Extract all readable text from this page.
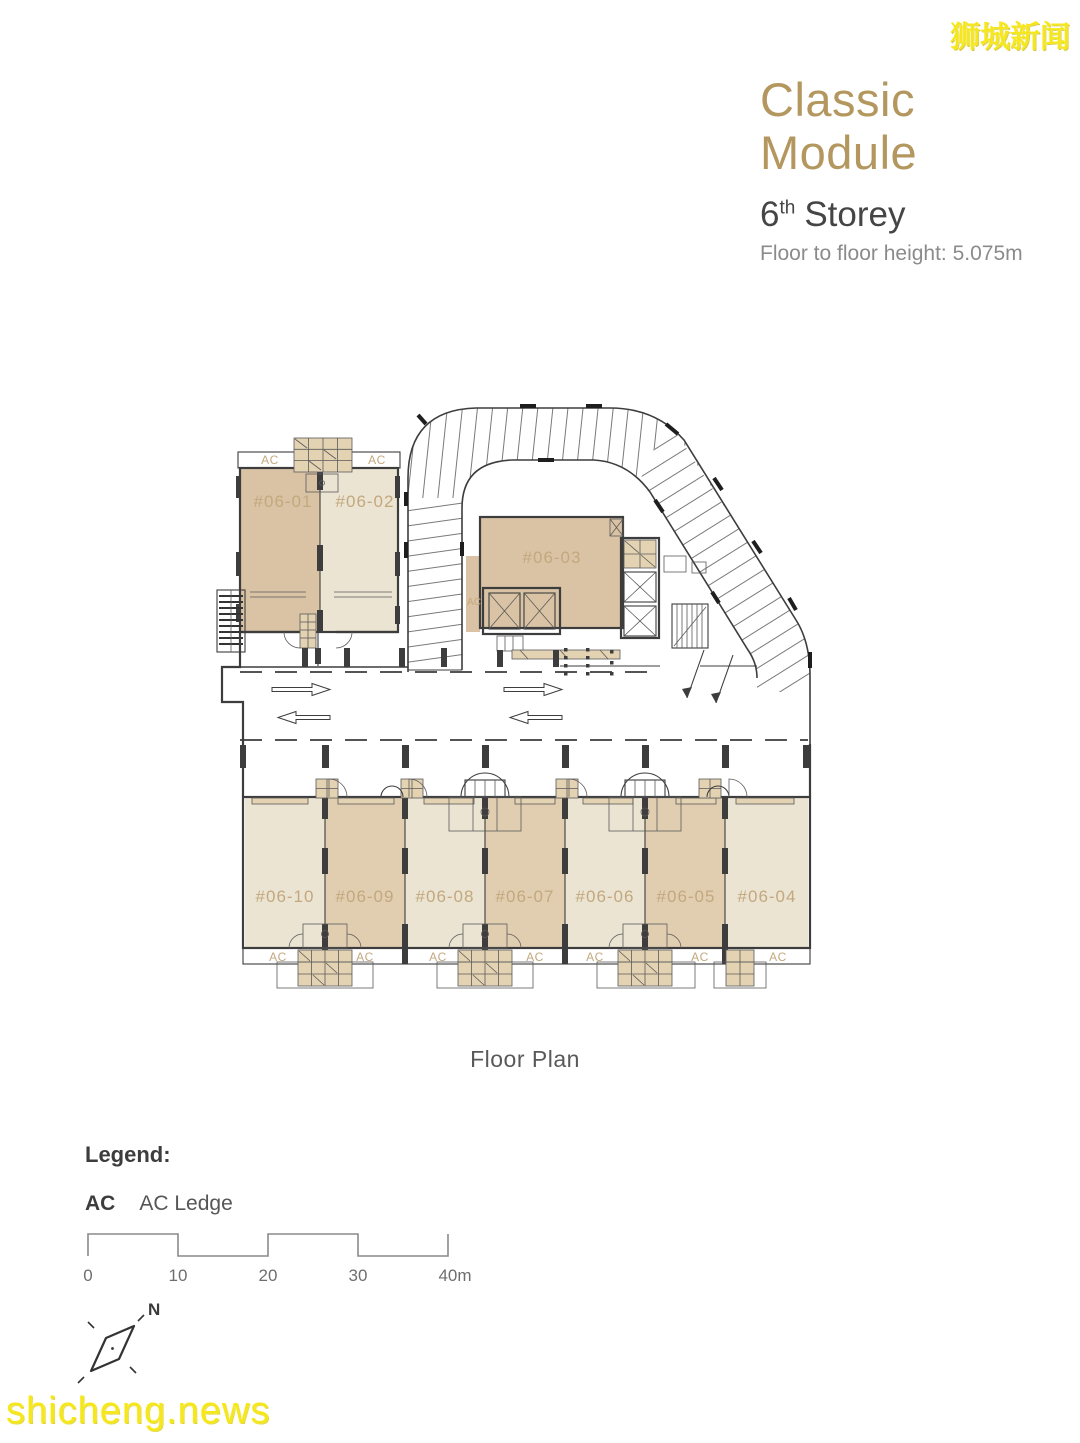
#06-01 #06-02
#06-03
#06-10 #06-09 #06-08 #06-07 #06-06 #06-05 #06-04
AC	AC
AC
AC	AC	AC	AC	AC	AC	AC
0	10	20	30	40m
N
Classic
Module
6th Storey
Floor to floor height: 5.075m
Floor Plan
Legend:
AC AC Ledge
狮城新闻
shicheng.news
